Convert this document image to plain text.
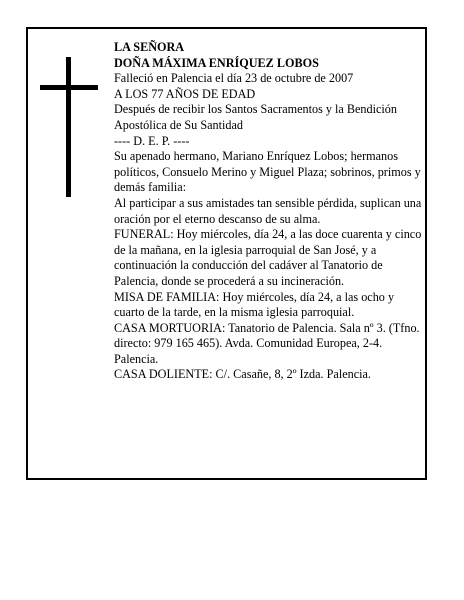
LA SEÑORA

DOÑA MÁXIMA ENRÍQUEZ LOBOS

Falleció en Palencia el día 23 de octubre de 2007

A LOS 77 AÑOS DE EDAD

Después de recibir los Santos Sacramentos y la Bendición Apostólica de Su Santidad

---- D. E. P. ----

Su apenado hermano, Mariano Enríquez Lobos; hermanos políticos, Consuelo Merino y Miguel Plaza; sobrinos, primos y demás familia:

Al participar a sus amistades tan sensible pérdida, suplican una oración por el eterno descanso de su alma.

FUNERAL: Hoy miércoles, día 24, a las doce cuarenta y cinco de la mañana, en la iglesia parroquial de San José, y a continuación la conducción del cadáver al Tanatorio de Palencia, donde se procederá a su incineración.

MISA DE FAMILIA: Hoy miércoles, día 24, a las ocho y cuarto de la tarde, en la misma iglesia parroquial.

CASA MORTUORIA: Tanatorio de Palencia. Sala nº 3. (Tfno. directo: 979 165 465). Avda. Comunidad Europea, 2-4. Palencia.

CASA DOLIENTE: C/. Casañe, 8, 2º Izda. Palencia.
